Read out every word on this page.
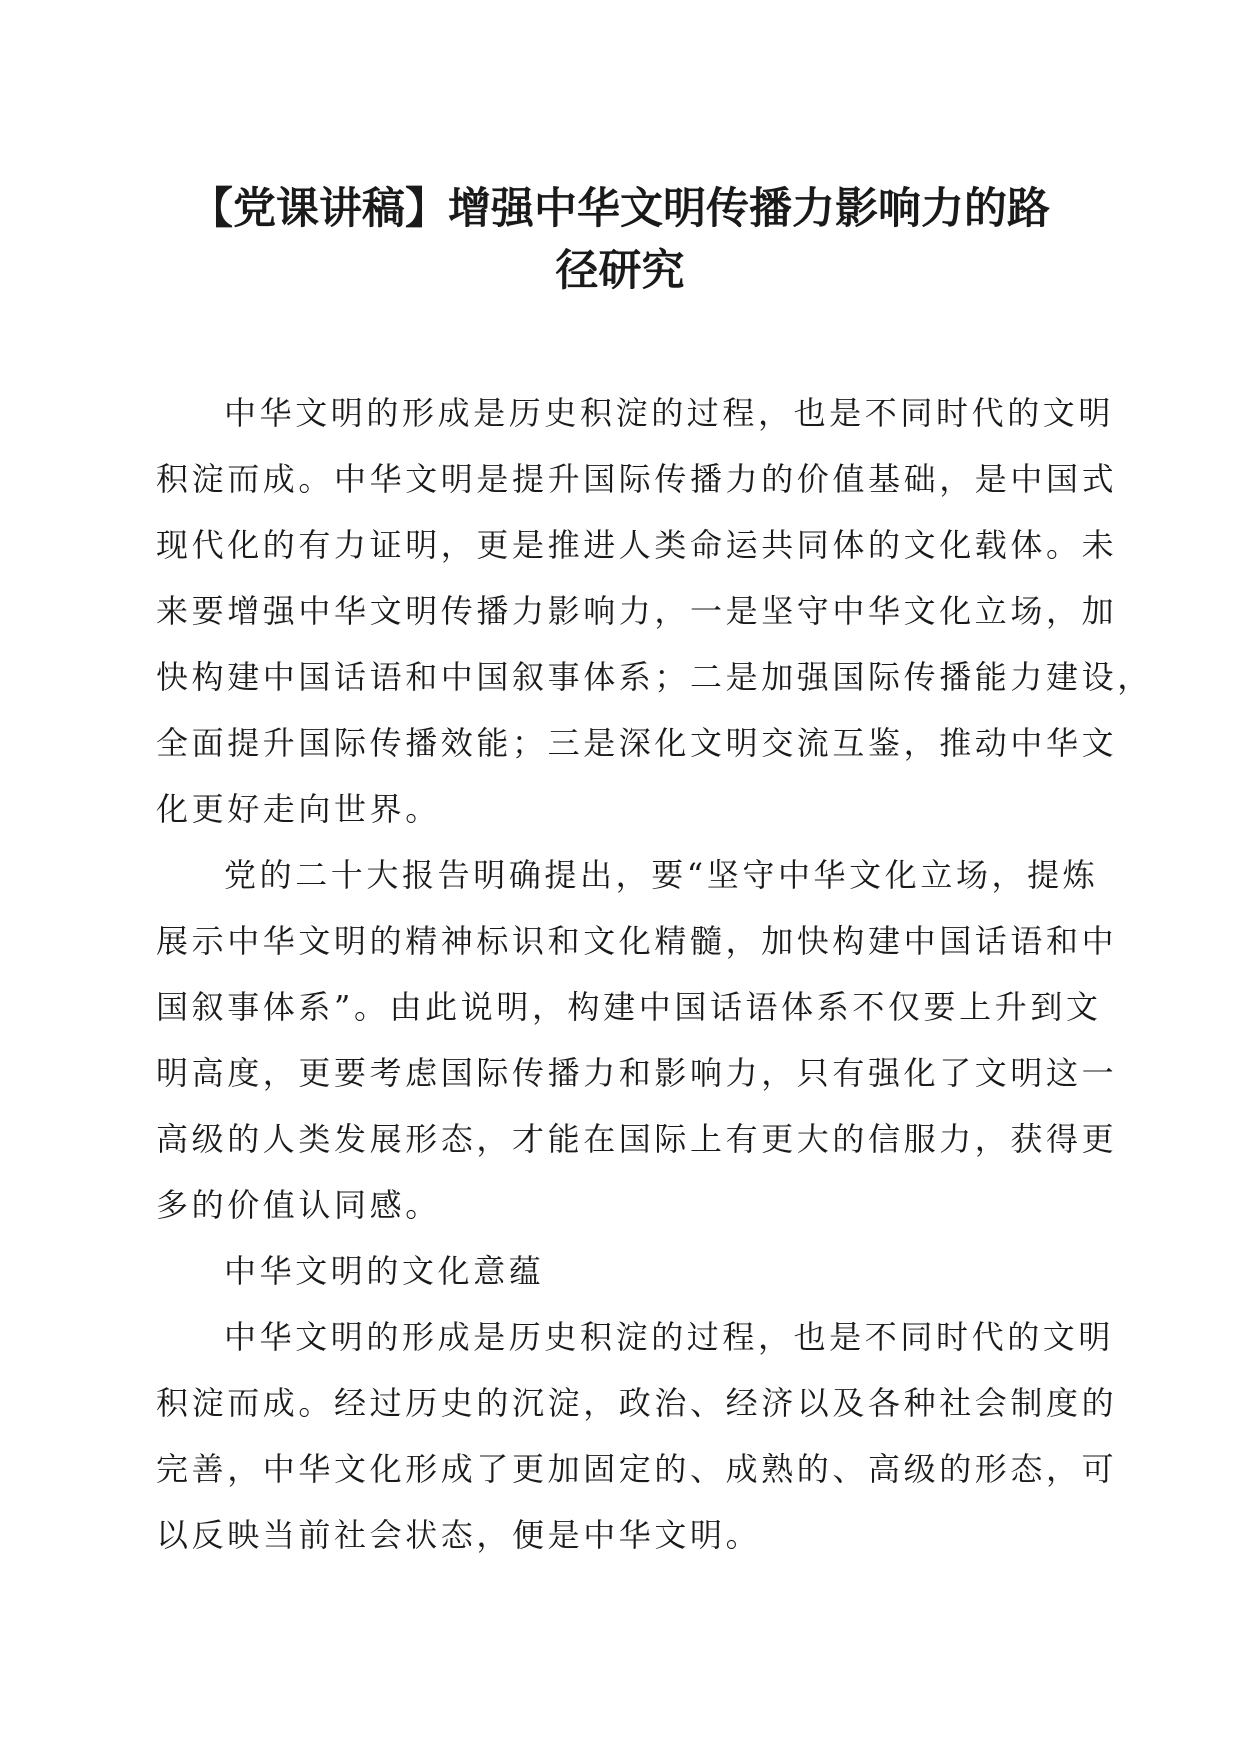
【党课讲稿】增强中华文明传播力影响力的路
径研究

中华文明的形成是历史积淀的过程，也是不同时代的文明
积淀而成。中华文明是提升国际传播力的价值基础，是中国式
现代化的有力证明，更是推进人类命运共同体的文化载体。未
来要增强中华文明传播力影响力，一是坚守中华文化立场，加
快构建中国话语和中国叙事体系；二是加强国际传播能力建设，
全面提升国际传播效能；三是深化文明交流互鉴，推动中华文
化更好走向世界。

党的二十大报告明确提出，要“坚守中华文化立场，提炼
展示中华文明的精神标识和文化精髓，加快构建中国话语和中
国叙事体系”。由此说明，构建中国话语体系不仅要上升到文
明高度，更要考虑国际传播力和影响力，只有强化了文明这一
高级的人类发展形态，才能在国际上有更大的信服力，获得更
多的价值认同感。

中华文明的文化意蕴

中华文明的形成是历史积淀的过程，也是不同时代的文明
积淀而成。经过历史的沉淀，政治、经济以及各种社会制度的
完善，中华文化形成了更加固定的、成熟的、高级的形态，可
以反映当前社会状态，便是中华文明。
